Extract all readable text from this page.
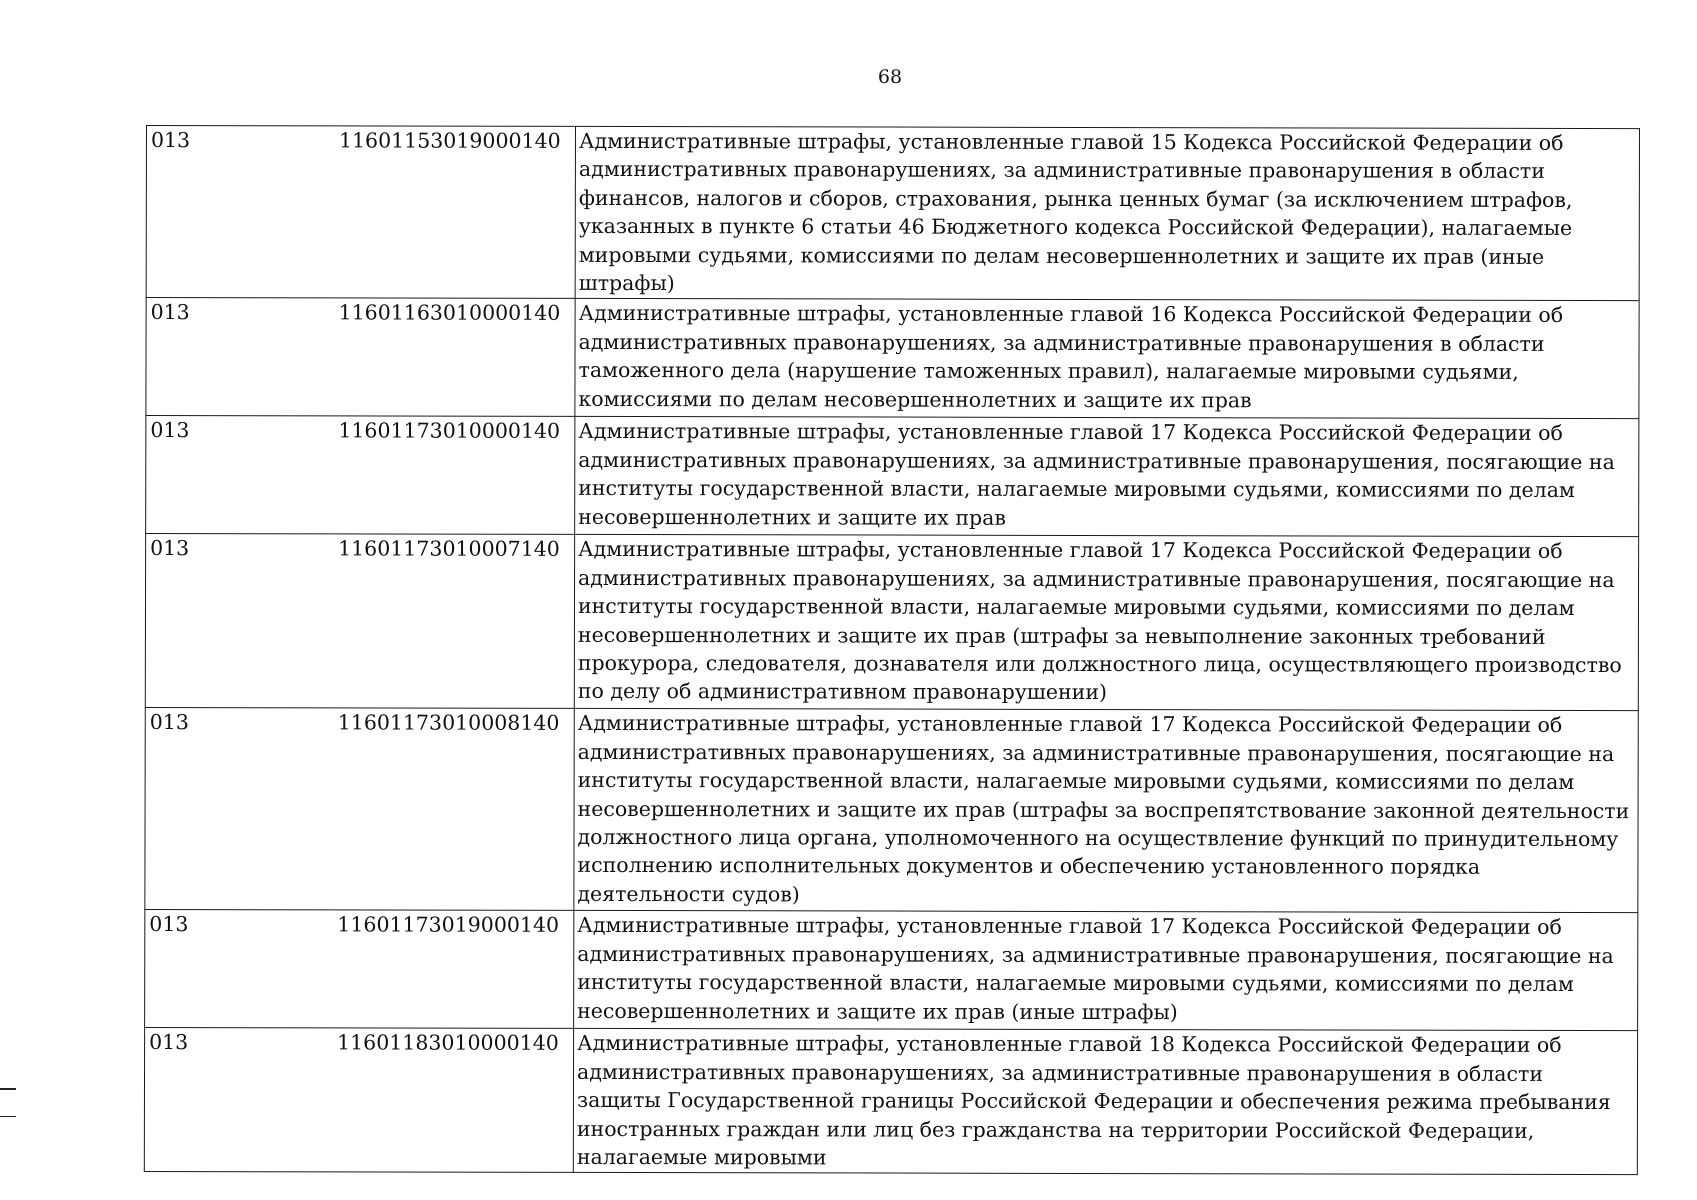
68
013	11601153019000140	Административные штрафы, установленные главой 15 Кодекса Российской Федерации об административных правонарушениях, за административные правонарушения в области финансов, налогов и сборов, страхования, рынка ценных бумаг (за исключением штрафов, указанных в пункте 6 статьи 46 Бюджетного кодекса Российской Федерации), налагаемые мировыми судьями, комиссиями по делам несовершеннолетних и защите их прав (иные штрафы)
013	11601163010000140	Административные штрафы, установленные главой 16 Кодекса Российской Федерации об административных правонарушениях, за административные правонарушения в области таможенного дела (нарушение таможенных правил), налагаемые мировыми судьями, комиссиями по делам несовершеннолетних и защите их прав
013	11601173010000140	Административные штрафы, установленные главой 17 Кодекса Российской Федерации об административных правонарушениях, за административные правонарушения, посягающие на институты государственной власти, налагаемые мировыми судьями, комиссиями по делам несовершеннолетних и защите их прав
013	11601173010007140	Административные штрафы, установленные главой 17 Кодекса Российской Федерации об административных правонарушениях, за административные правонарушения, посягающие на институты государственной власти, налагаемые мировыми судьями, комиссиями по делам несовершеннолетних и защите их прав (штрафы за невыполнение законных требований прокурора, следователя, дознавателя или должностного лица, осуществляющего производство по делу об административном правонарушении)
013	11601173010008140	Административные штрафы, установленные главой 17 Кодекса Российской Федерации об административных правонарушениях, за административные правонарушения, посягающие на институты государственной власти, налагаемые мировыми судьями, комиссиями по делам несовершеннолетних и защите их прав (штрафы за воспрепятствование законной деятельности должностного лица органа, уполномоченного на осуществление функций по принудительному исполнению исполнительных документов и обеспечению установленного порядка деятельности судов)
013	11601173019000140	Административные штрафы, установленные главой 17 Кодекса Российской Федерации об административных правонарушениях, за административные правонарушения, посягающие на институты государственной власти, налагаемые мировыми судьями, комиссиями по делам несовершеннолетних и защите их прав (иные штрафы)
013	11601183010000140	Административные штрафы, установленные главой 18 Кодекса Российской Федерации об административных правонарушениях, за административные правонарушения в области защиты Государственной границы Российской Федерации и обеспечения режима пребывания иностранных граждан или лиц без гражданства на территории Российской Федерации, налагаемые мировыми
